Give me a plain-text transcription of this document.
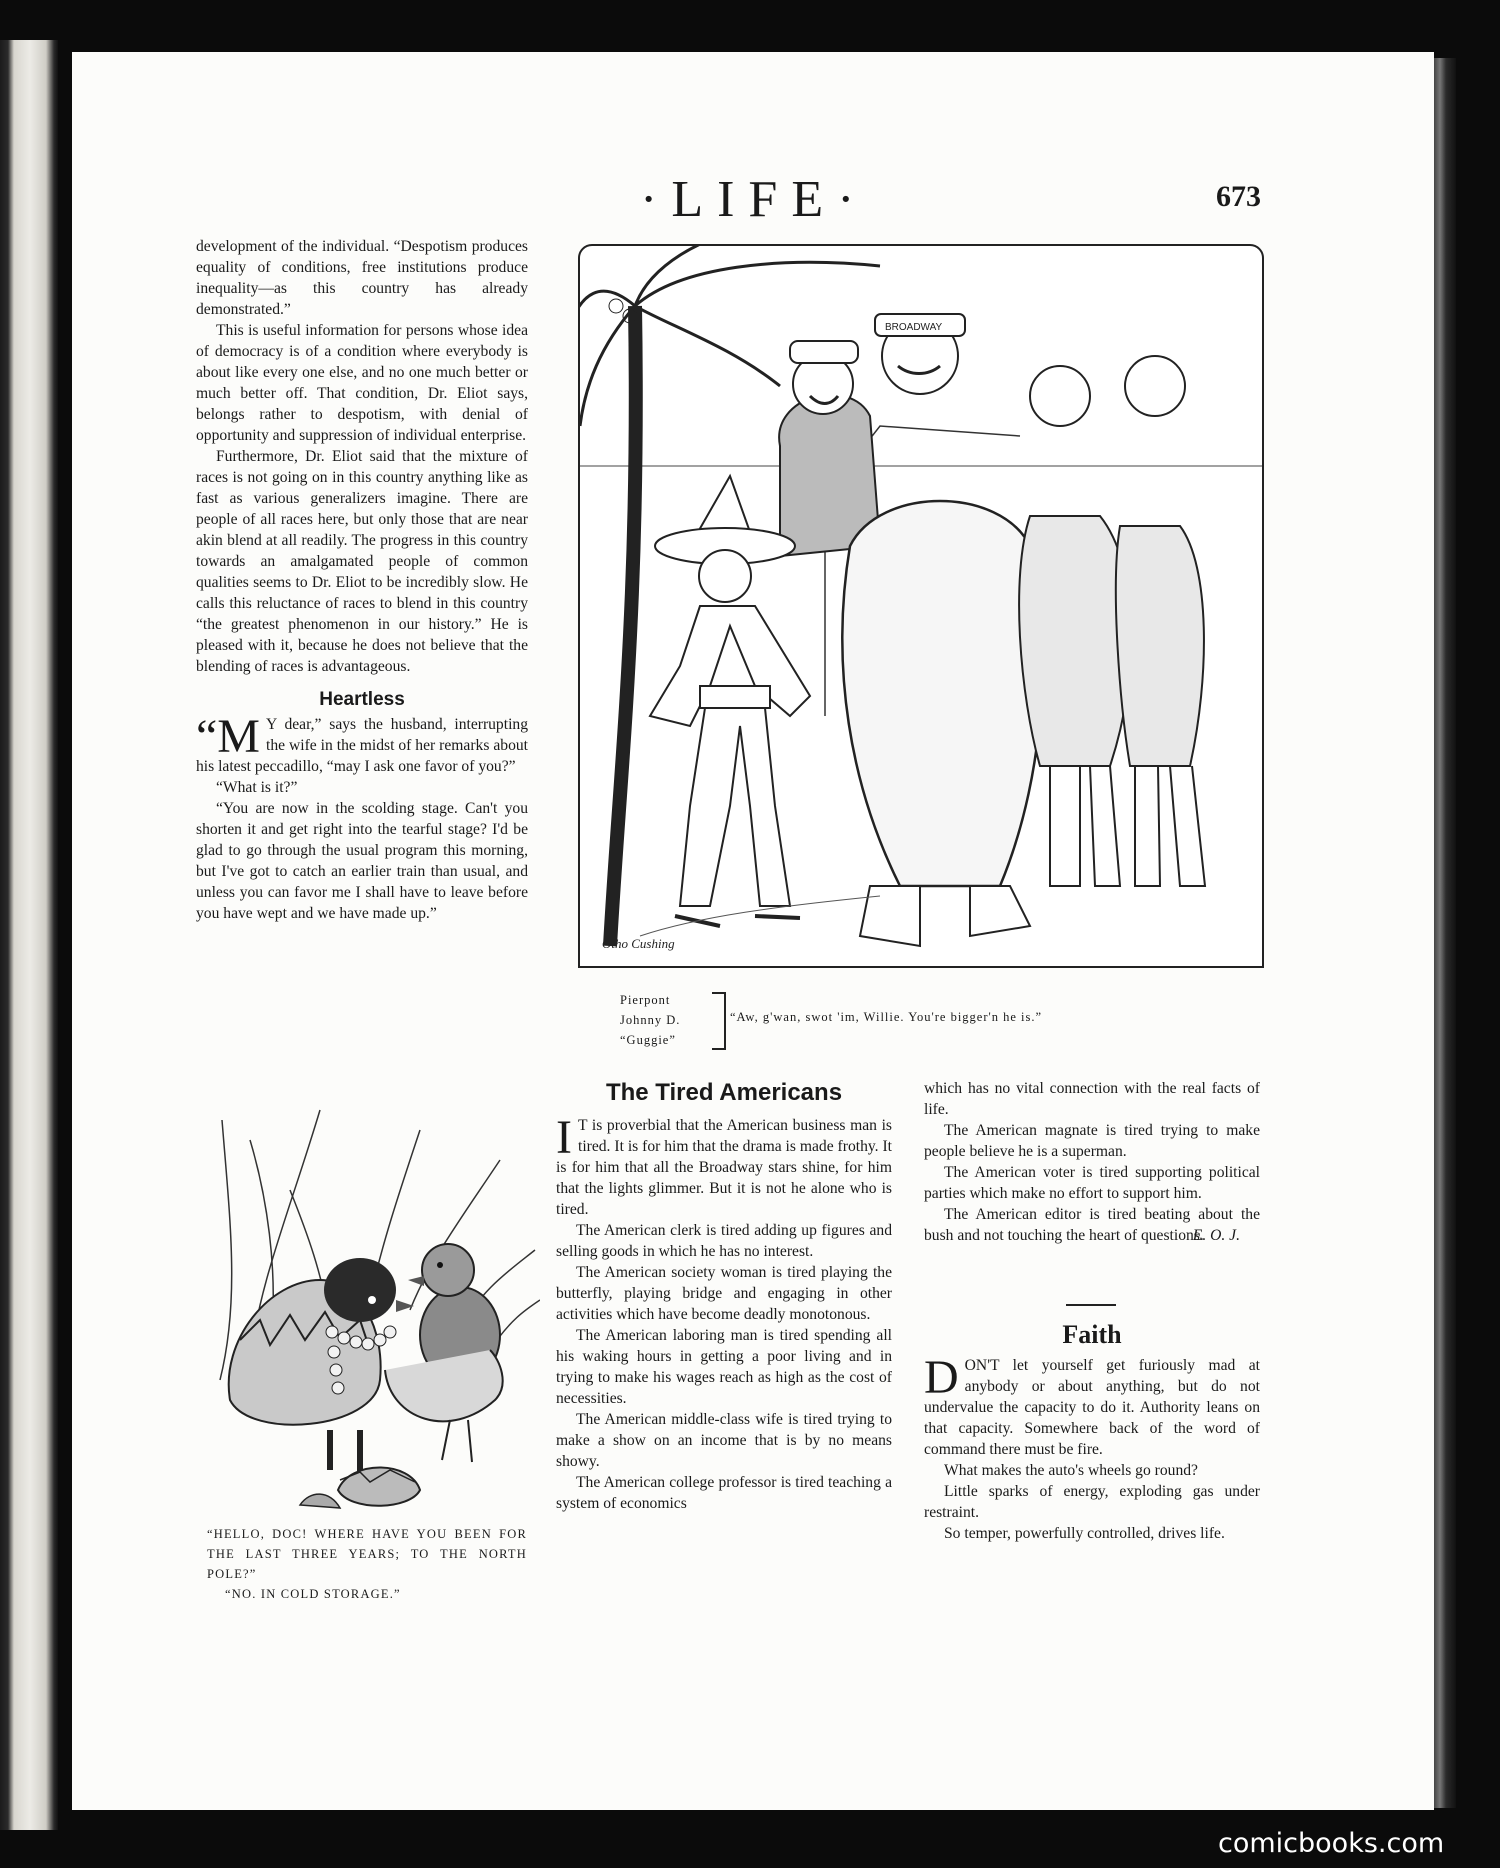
·LIFE·	673

development of the individual. “Despotism produces equality of conditions, free institutions produce inequality—as this country has already demonstrated.”

This is useful information for persons whose idea of democracy is of a condition where everybody is about like every one else, and no one much better or much better off. That condition, Dr. Eliot says, belongs rather to despotism, with denial of opportunity and suppression of individual enterprise.

Furthermore, Dr. Eliot said that the mixture of races is not going on in this country anything like as fast as various generalizers imagine. There are people of all races here, but only those that are near akin blend at all readily. The progress in this country towards an amalgamated people of common qualities seems to Dr. Eliot to be incredibly slow. He calls this reluctance of races to blend in this country “the greatest phenomenon in our history.” He is pleased with it, because he does not believe that the blending of races is advantageous.

Heartless

“M Y dear,” says the husband, interrupting the wife in the midst of her remarks about his latest peccadillo, “may I ask one favor of you?”

“What is it?”

“You are now in the scolding stage. Can't you shorten it and get right into the tearful stage? I'd be glad to go through the usual program this morning, but I've got to catch an earlier train than usual, and unless you can favor me I shall have to leave before you have wept and we have made up.”

“HELLO, DOC! WHERE HAVE YOU BEEN FOR THE LAST THREE YEARS; TO THE NORTH POLE?”
“NO. IN COLD STORAGE.”
BROADWAY
Otho Cushing
Pierpont
Johnny D.
“Guggie”
“Aw, g'wan, swot 'im, Willie. You're bigger'n he is.”
The Tired Americans

I T is proverbial that the American business man is tired. It is for him that the drama is made frothy. It is for him that all the Broadway stars shine, for him that the lights glimmer. But it is not he alone who is tired.

The American clerk is tired adding up figures and selling goods in which he has no interest.

The American society woman is tired playing the butterfly, playing bridge and engaging in other activities which have become deadly monotonous.

The American laboring man is tired spending all his waking hours in getting a poor living and in trying to make his wages reach as high as the cost of necessities.

The American middle-class wife is tired trying to make a show on an income that is by no means showy.

The American college professor is tired teaching a system of economics

which has no vital connection with the real facts of life.

The American magnate is tired trying to make people believe he is a superman.

The American voter is tired supporting political parties which make no effort to support him.

The American editor is tired beating about the bush and not touching the heart of questions.

E. O. J.
Faith

DON'T let yourself get furiously mad at anybody or about anything, but do not undervalue the capacity to do it. Authority leans on that capacity. Somewhere back of the word of command there must be fire.

What makes the auto's wheels go round?

Little sparks of energy, exploding gas under restraint.

So temper, powerfully controlled, drives life.

comicbooks.com
